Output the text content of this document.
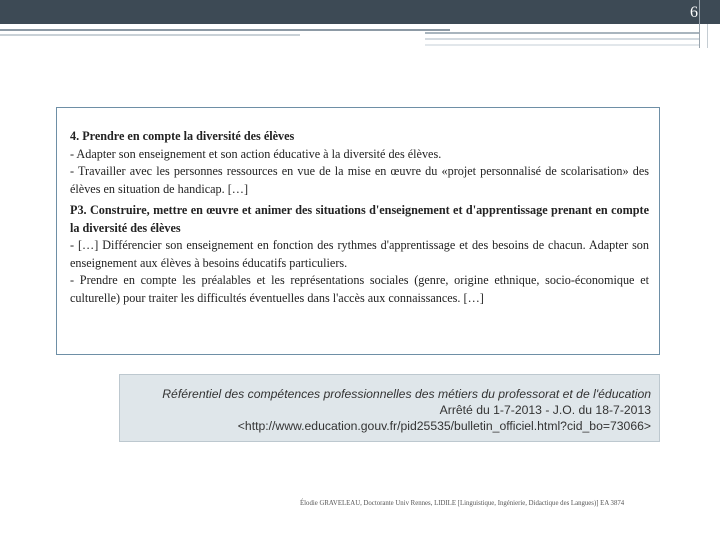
6

4. Prendre en compte la diversité des élèves

- Adapter son enseignement et son action éducative à la diversité des élèves.

- Travailler avec les personnes ressources en vue de la mise en œuvre du «projet personnalisé de scolarisation» des élèves en situation de handicap. […]

P3. Construire, mettre en œuvre et animer des situations d'enseignement et d'apprentissage prenant en compte la diversité des élèves

- […] Différencier son enseignement en fonction des rythmes d'apprentissage et des besoins de chacun. Adapter son enseignement aux élèves à besoins éducatifs particuliers.

- Prendre en compte les préalables et les représentations sociales (genre, origine ethnique, socio-économique et culturelle) pour traiter les difficultés éventuelles dans l'accès aux connaissances. […]

Référentiel des compétences professionnelles des métiers du professorat et de l'éducation
Arrêté du 1-7-2013 - J.O. du 18-7-2013
<http://www.education.gouv.fr/pid25535/bulletin_officiel.html?cid_bo=73066>
Élodie GRAVELEAU, Doctorante Univ Rennes, LIDILE [Linguistique, Ingénierie, Didactique des Langues)] EA 3874
